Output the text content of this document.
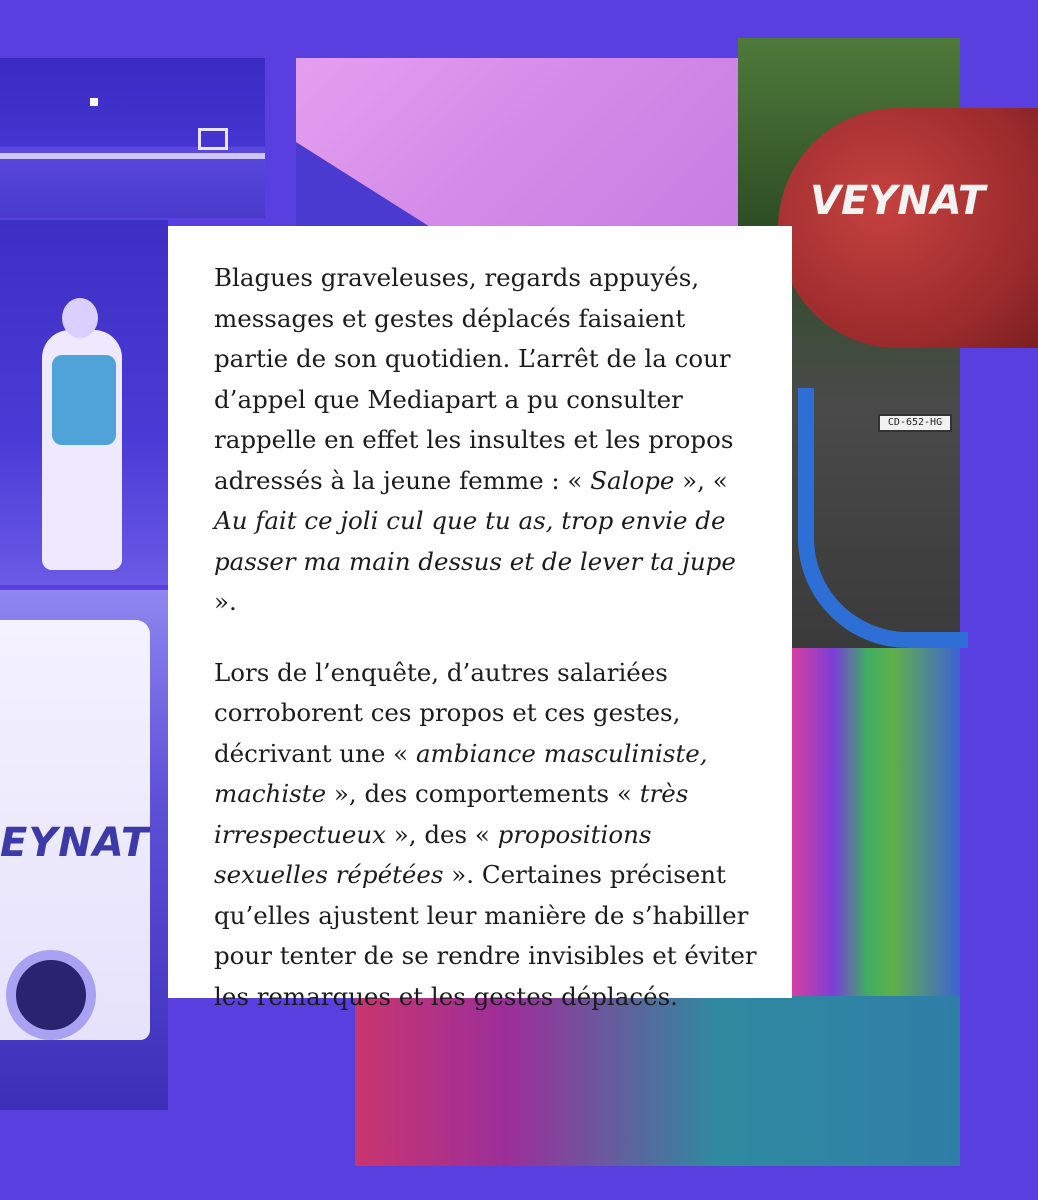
EYNAT
VEYNAT
CD-652-HG

Blagues graveleuses, regards appuyés, messages et gestes déplacés faisaient partie de son quotidien. L’arrêt de la cour d’appel que Mediapart a pu consulter rappelle en effet les insultes et les propos adressés à la jeune femme : « Salope », « Au fait ce joli cul que tu as, trop envie de passer ma main dessus et de lever ta jupe ».

Lors de l’enquête, d’autres salariées corroborent ces propos et ces gestes, décrivant une « ambiance masculiniste, machiste », des comportements « très irrespectueux », des « propositions sexuelles répétées ». Certaines précisent qu’elles ajustent leur manière de s’habiller pour tenter de se rendre invisibles et éviter les remarques et les gestes déplacés.
